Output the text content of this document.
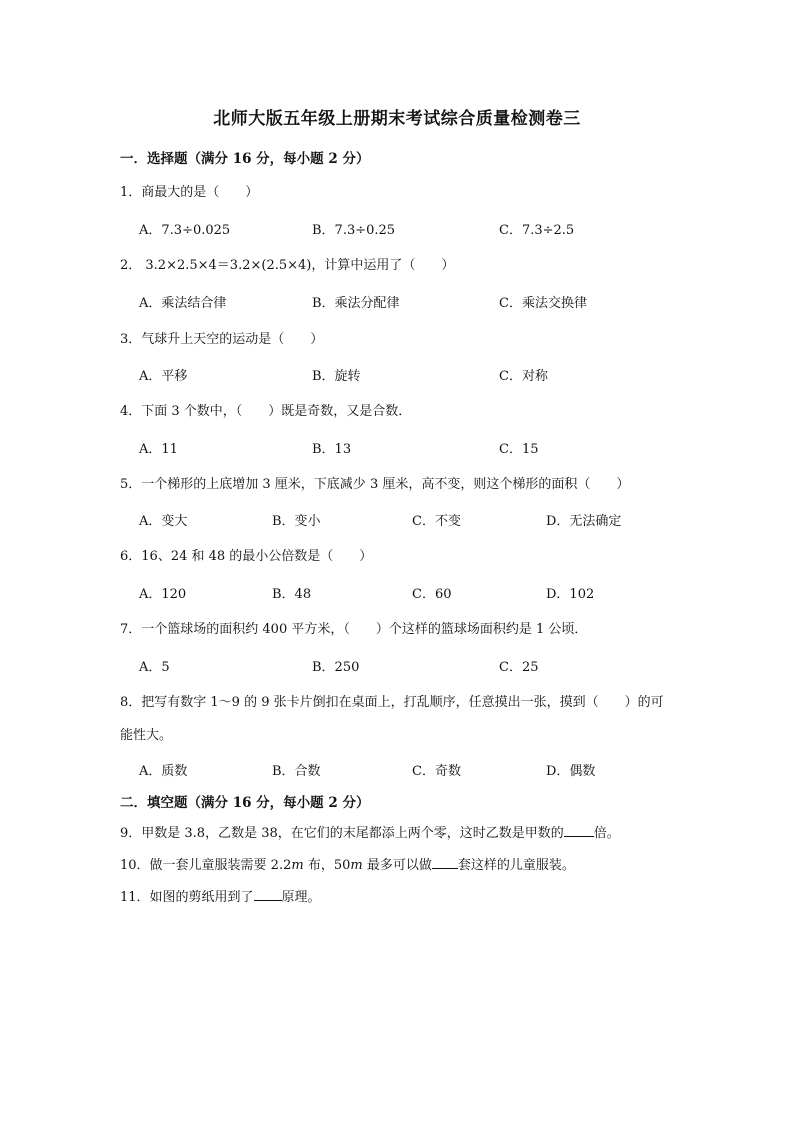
北师大版五年级上册期末考试综合质量检测卷三
一．选择题（满分 16 分，每小题 2 分）
1．商最大的是（　　）
A．7.3÷0.025	B．7.3÷0.25	C．7.3÷2.5
2． 3.2×2.5×4＝3.2×(2.5×4)，计算中运用了（　　）
A．乘法结合律	B．乘法分配律	C．乘法交换律
3．气球升上天空的运动是（　　）
A．平移	B．旋转	C．对称
4．下面 3 个数中，（　　）既是奇数，又是合数．
A．11	B．13	C．15
5．一个梯形的上底增加 3 厘米，下底减少 3 厘米，高不变，则这个梯形的面积（　　）
A．变大	B．变小	C．不变	D．无法确定
6．16、24 和 48 的最小公倍数是（　　）
A．120	B．48	C．60	D．102
7．一个篮球场的面积约 400 平方米，（　　）个这样的篮球场面积约是 1 公顷．
A．5	B．250	C．25
8．把写有数字 1～9 的 9 张卡片倒扣在桌面上，打乱顺序，任意摸出一张，摸到（　　）的可
能性大。
A．质数	B．合数	C．奇数	D．偶数
二．填空题（满分 16 分，每小题 2 分）
9．甲数是 3.8，乙数是 38，在它们的末尾都添上两个零，这时乙数是甲数的 倍。
10．做一套儿童服装需要 2.2m 布，50m 最多可以做 套这样的儿童服装。
11．如图的剪纸用到了 原理。
